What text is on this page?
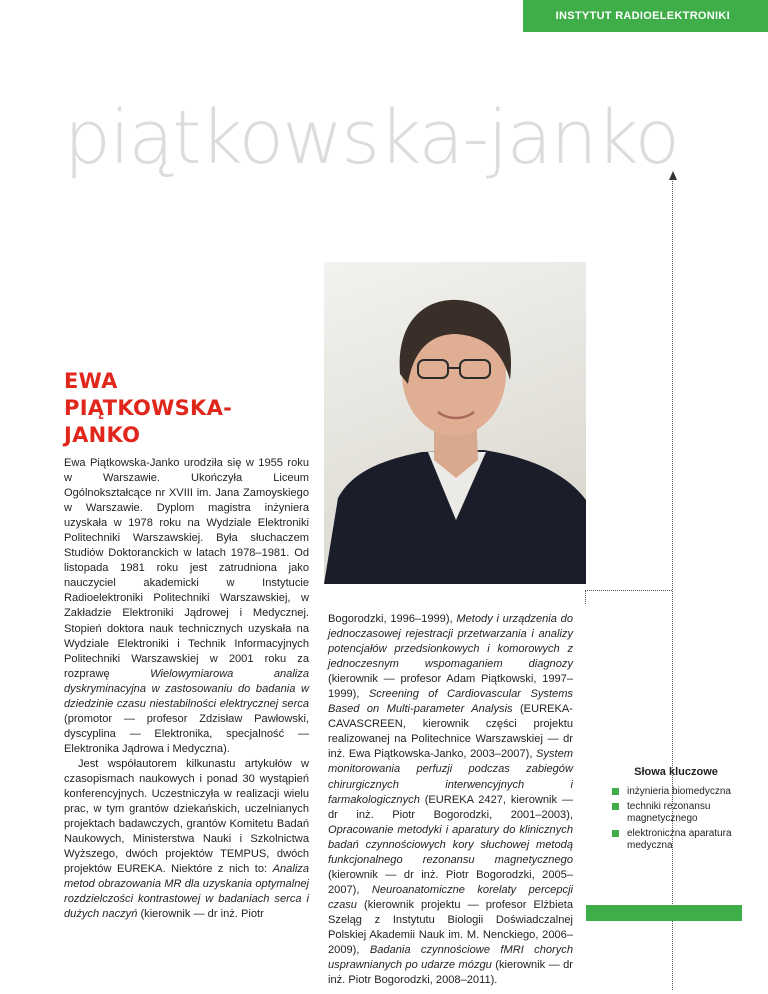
INSTYTUT RADIOELEKTRONIKI
piątkowska-janko
EWA
PIĄTKOWSKA-JANKO

Ewa Piątkowska-Janko urodziła się w 1955 roku w Warszawie. Ukończyła Liceum Ogólnokształcące nr XVIII im. Jana Zamoyskiego w Warszawie. Dyplom magistra inżyniera uzyskała w 1978 roku na Wydziale Elektroniki Politechniki Warszawskiej. Była słuchaczem Studiów Doktoranckich w latach 1978–1981. Od listopada 1981 roku jest zatrudniona jako nauczyciel akademicki w Instytucie Radioelektroniki Politechniki Warszawskiej, w Zakładzie Elektroniki Jądrowej i Medycznej. Stopień doktora nauk technicznych uzyskała na Wydziale Elektroniki i Technik Informacyjnych Politechniki Warszawskiej w 2001 roku za rozprawę Wielowymiarowa analiza dyskryminacyjna w zastosowaniu do badania w dziedzinie czasu niestabilności elektrycznej serca (promotor — profesor Zdzisław Pawłowski, dyscyplina — Elektronika, specjalność — Elektronika Jądrowa i Medyczna).

Jest współautorem kilkunastu artykułów w czasopismach naukowych i ponad 30 wystąpień konferencyjnych. Uczestniczyła w realizacji wielu prac, w tym grantów dziekańskich, uczelnianych projektach badawczych, grantów Komitetu Badań Naukowych, Ministerstwa Nauki i Szkolnictwa Wyższego, dwóch projektów TEMPUS, dwóch projektów EUREKA. Niektóre z nich to: Analiza metod obrazowania MR dla uzyskania optymalnej rozdzielczości kontrastowej w badaniach serca i dużych naczyń (kierownik — dr inż. Piotr

Bogorodzki, 1996–1999), Metody i urządzenia do jednoczasowej rejestracji przetwarzania i analizy potencjałów przedsionkowych i komorowych z jednoczesnym wspomaganiem diagnozy (kierownik — profesor Adam Piątkowski, 1997–1999), Screening of Cardiovascular Systems Based on Multi-parameter Analysis (EUREKA-CAVASCREEN, kierownik części projektu realizowanej na Politechnice Warszawskiej — dr inż. Ewa Piątkowska-Janko, 2003–2007), System monitorowania perfuzji podczas zabiegów chirurgicznych interwencyjnych i farmakologicznych (EUREKA 2427, kierownik — dr inż. Piotr Bogorodzki, 2001–2003), Opracowanie metodyki i aparatury do klinicznych badań czynnościowych kory słuchowej metodą funkcjonalnego rezonansu magnetycznego (kierownik — dr inż. Piotr Bogorodzki, 2005–2007), Neuroanatomiczne korelaty percepcji czasu (kierownik projektu — profesor Elżbieta Szeląg z Instytutu Biologii Doświadczalnej Polskiej Akademii Nauk im. M. Nenckiego, 2006–2009), Badania czynnościowe fMRI chorych usprawnianych po udarze mózgu (kierownik — dr inż. Piotr Bogorodzki, 2008–2011).

Słowa kluczowe
inżynieria biomedyczna
techniki rezonansu magnetycznego
elektroniczna aparatura medyczna
